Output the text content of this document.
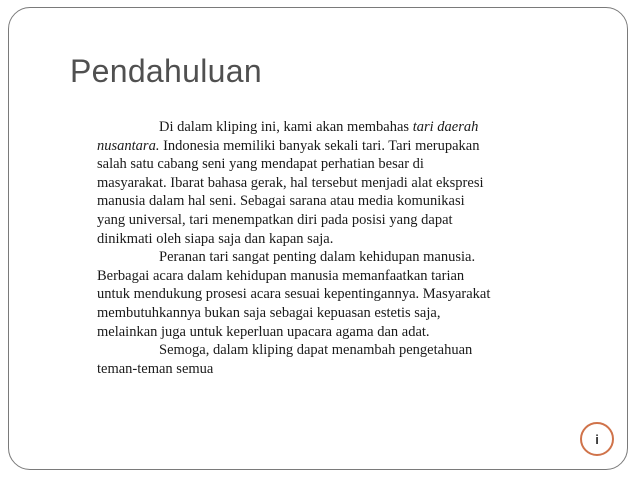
Pendahuluan
Di dalam kliping ini, kami akan membahas tari daerah
nusantara. Indonesia memiliki banyak sekali tari. Tari merupakan
salah satu cabang seni yang mendapat perhatian besar di
masyarakat. Ibarat bahasa gerak, hal tersebut menjadi alat ekspresi
manusia dalam hal seni. Sebagai sarana atau media komunikasi
yang universal, tari menempatkan diri pada posisi yang dapat
dinikmati oleh siapa saja dan kapan saja.
Peranan tari sangat penting dalam kehidupan manusia.
Berbagai acara dalam kehidupan manusia memanfaatkan tarian
untuk mendukung prosesi acara sesuai kepentingannya. Masyarakat
membutuhkannya bukan saja sebagai kepuasan estetis saja,
melainkan juga untuk keperluan upacara agama dan adat.
Semoga, dalam kliping dapat menambah pengetahuan
teman-teman semua
i
